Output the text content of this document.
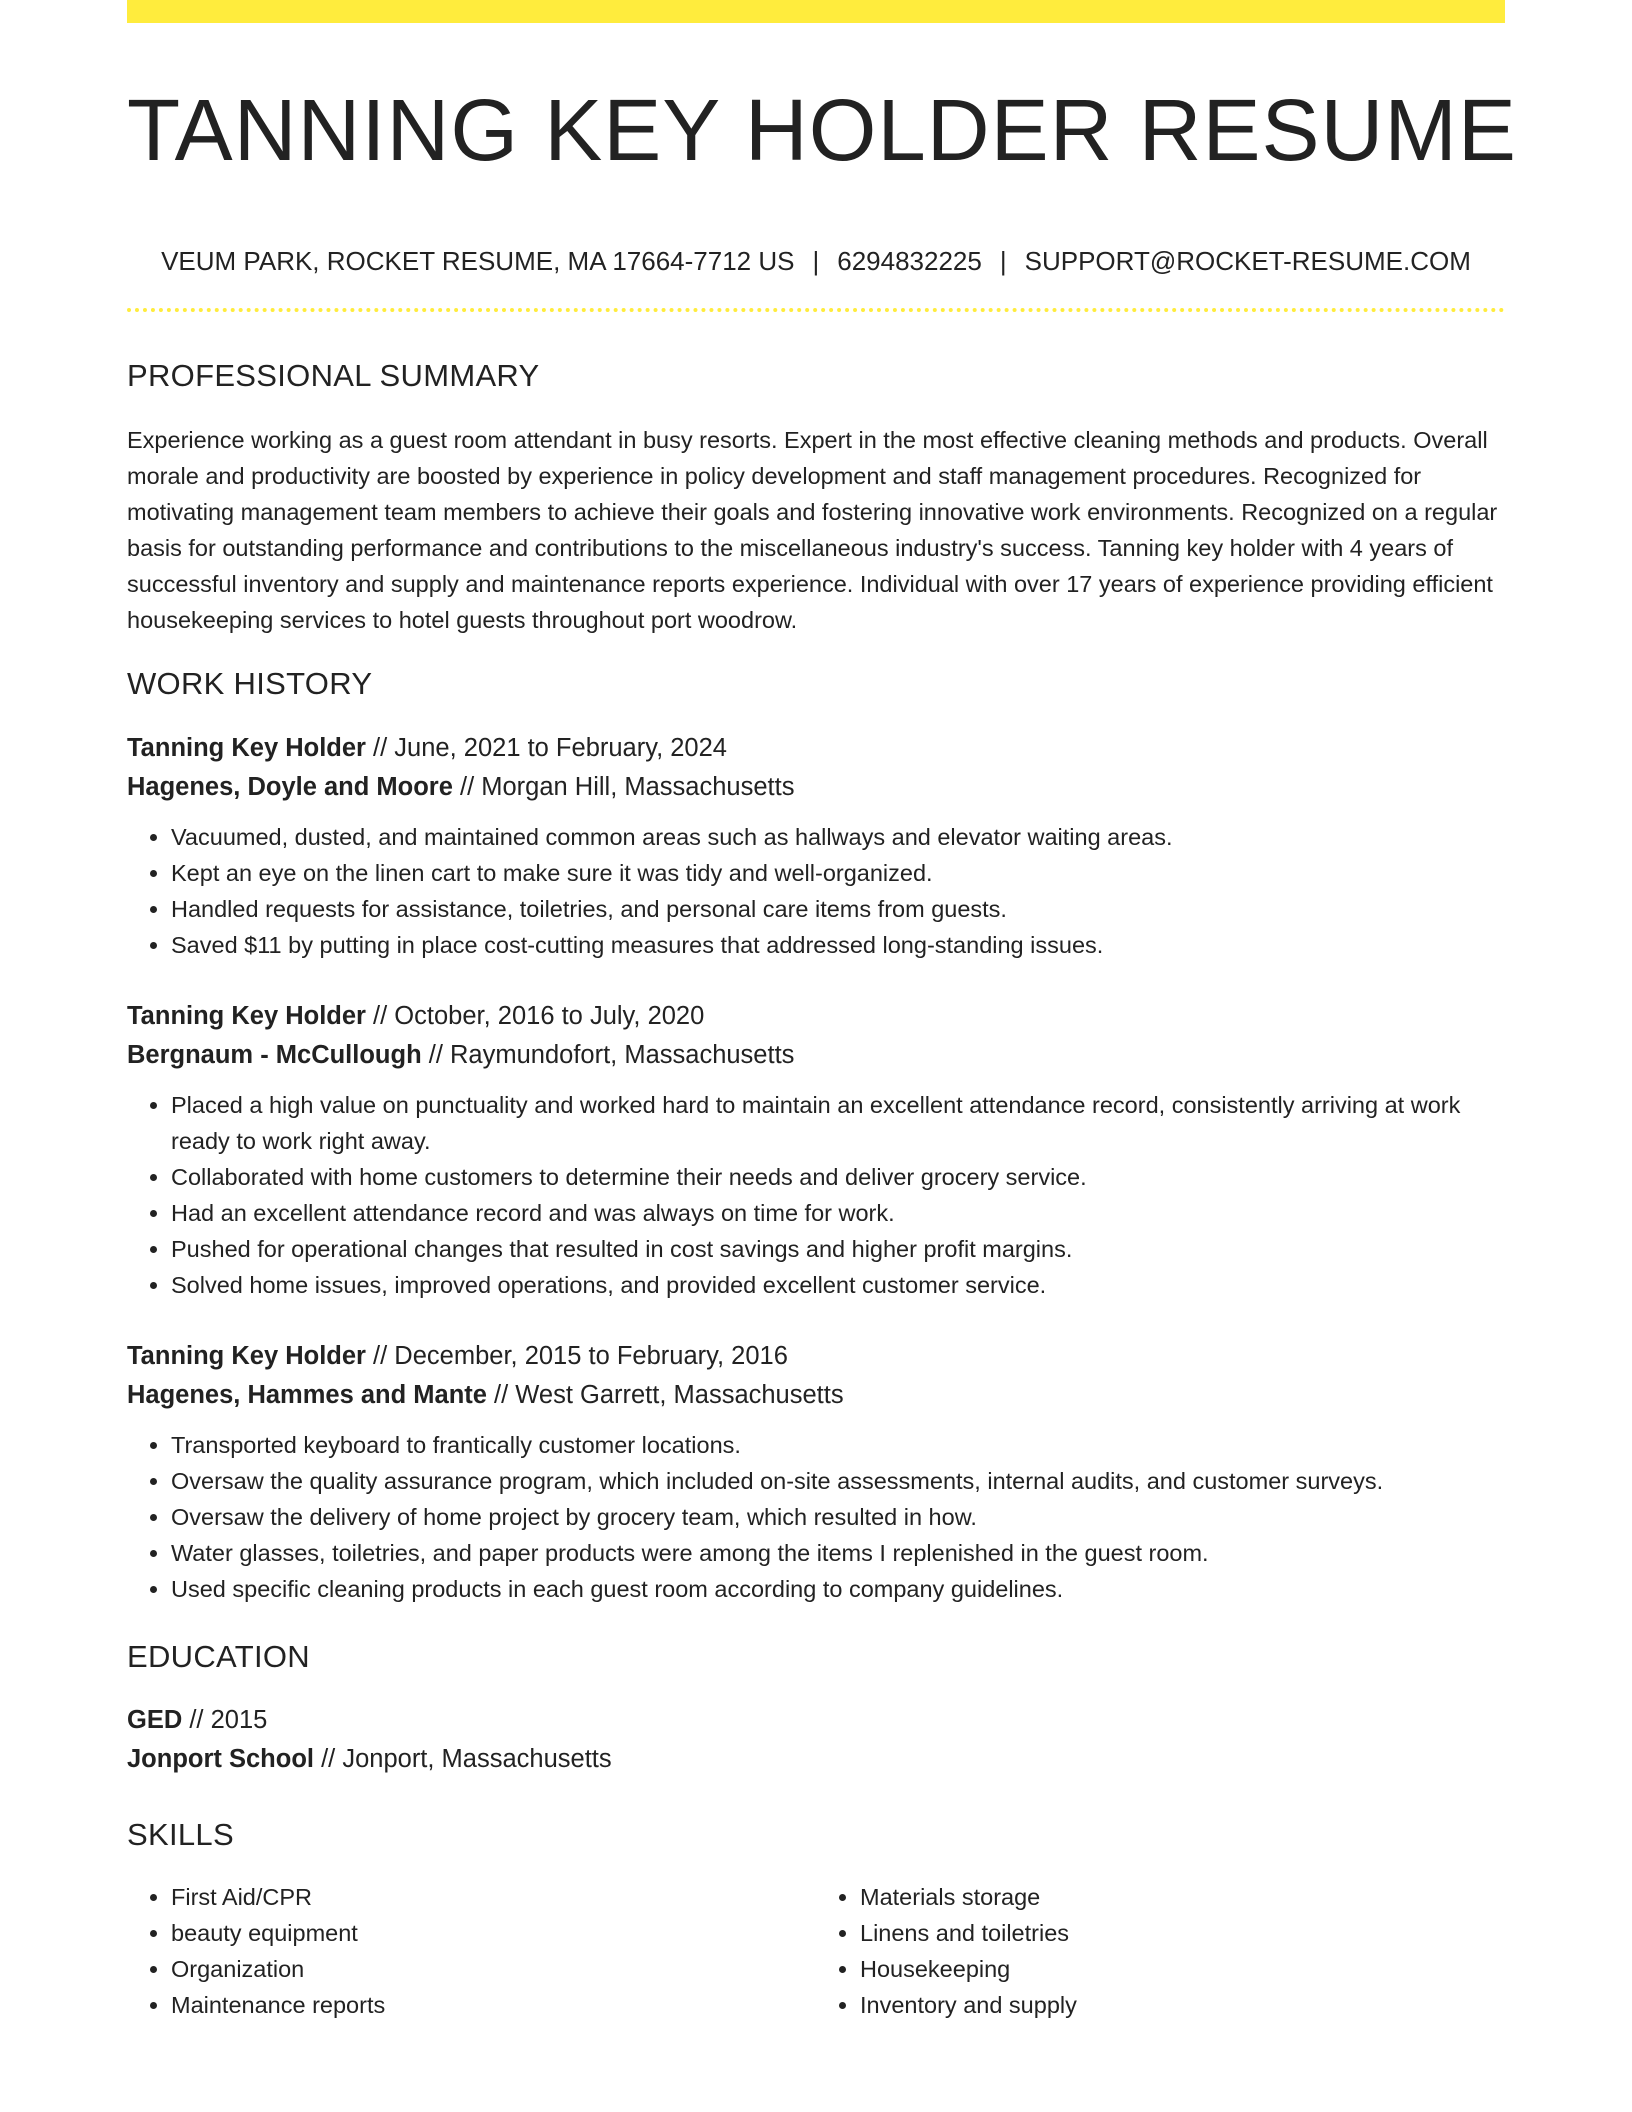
TANNING KEY HOLDER RESUME
VEUM PARK, ROCKET RESUME, MA 17664-7712 US | 6294832225 | SUPPORT@ROCKET-RESUME.COM
PROFESSIONAL SUMMARY

Experience working as a guest room attendant in busy resorts. Expert in the most effective cleaning methods and products. Overall morale and productivity are boosted by experience in policy development and staff management procedures. Recognized for motivating management team members to achieve their goals and fostering innovative work environments. Recognized on a regular basis for outstanding performance and contributions to the miscellaneous industry's success. Tanning key holder with 4 years of successful inventory and supply and maintenance reports experience. Individual with over 17 years of experience providing efficient housekeeping services to hotel guests throughout port woodrow.

WORK HISTORY
Tanning Key Holder // June, 2021 to February, 2024
Hagenes, Doyle and Moore // Morgan Hill, Massachusetts
• Vacuumed, dusted, and maintained common areas such as hallways and elevator waiting areas.
• Kept an eye on the linen cart to make sure it was tidy and well-organized.
• Handled requests for assistance, toiletries, and personal care items from guests.
• Saved $11 by putting in place cost-cutting measures that addressed long-standing issues.
Tanning Key Holder // October, 2016 to July, 2020
Bergnaum - McCullough // Raymundofort, Massachusetts
• Placed a high value on punctuality and worked hard to maintain an excellent attendance record, consistently arriving at work ready to work right away.
• Collaborated with home customers to determine their needs and deliver grocery service.
• Had an excellent attendance record and was always on time for work.
• Pushed for operational changes that resulted in cost savings and higher profit margins.
• Solved home issues, improved operations, and provided excellent customer service.
Tanning Key Holder // December, 2015 to February, 2016
Hagenes, Hammes and Mante // West Garrett, Massachusetts
• Transported keyboard to frantically customer locations.
• Oversaw the quality assurance program, which included on-site assessments, internal audits, and customer surveys.
• Oversaw the delivery of home project by grocery team, which resulted in how.
• Water glasses, toiletries, and paper products were among the items I replenished in the guest room.
• Used specific cleaning products in each guest room according to company guidelines.
EDUCATION
GED // 2015
Jonport School // Jonport, Massachusetts
SKILLS
• First Aid/CPR
• beauty equipment
• Organization
• Maintenance reports
• Materials storage
• Linens and toiletries
• Housekeeping
• Inventory and supply
